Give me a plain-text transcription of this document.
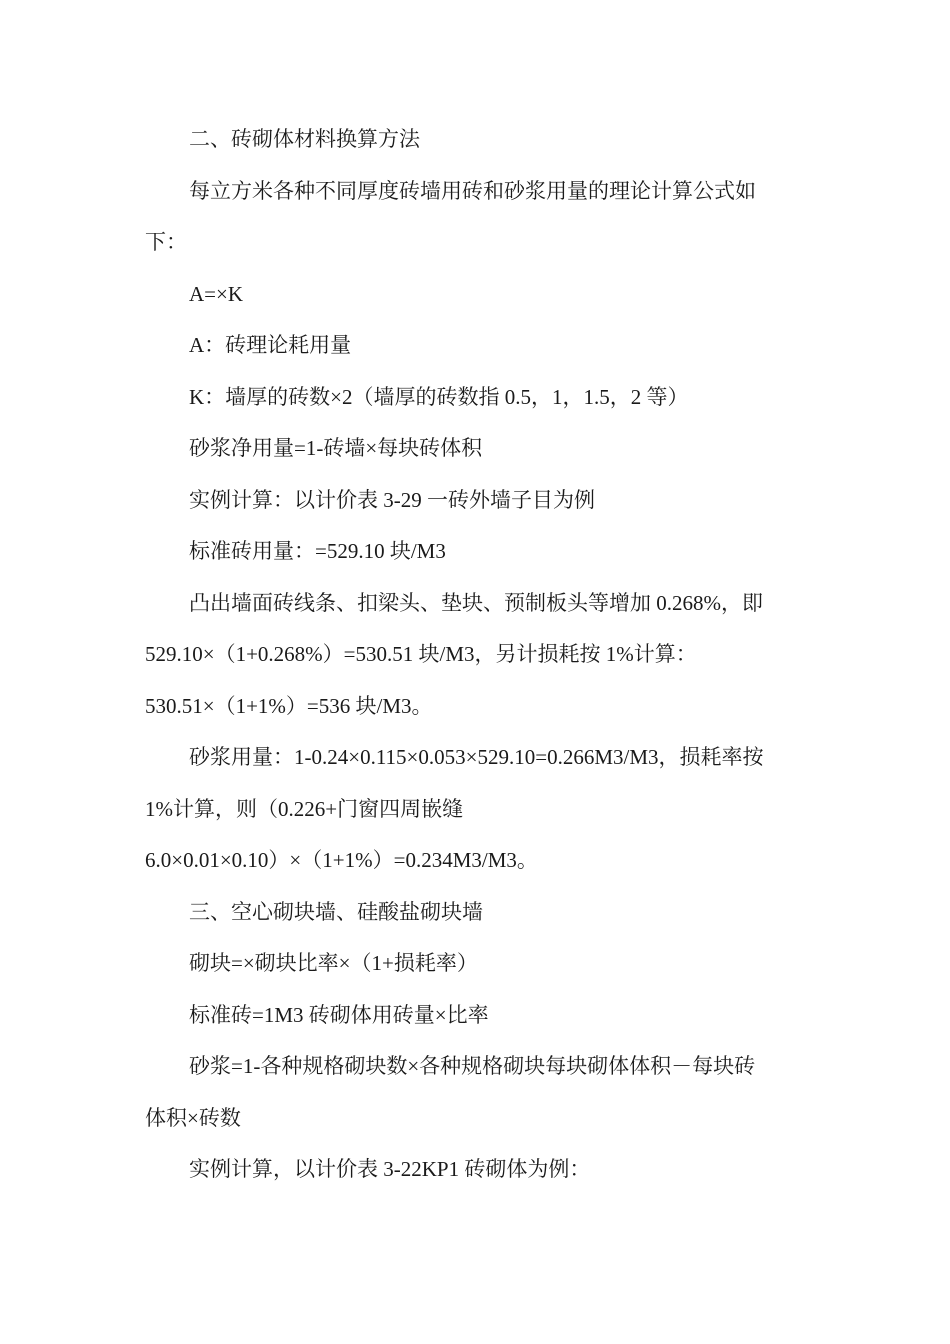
二、砖砌体材料换算方法
每立方米各种不同厚度砖墙用砖和砂浆用量的理论计算公式如
下：
A=×K
A：砖理论耗用量
K：墙厚的砖数×2（墙厚的砖数指 0.5，1，1.5，2 等）
砂浆净用量=1-砖墙×每块砖体积
实例计算：以计价表 3-29 一砖外墙子目为例
标准砖用量：=529.10 块/M3
凸出墙面砖线条、扣梁头、垫块、预制板头等增加 0.268%，即
529.10×（1+0.268%）=530.51 块/M3，另计损耗按 1%计算：
530.51×（1+1%）=536 块/M3。
砂浆用量：1-0.24×0.115×0.053×529.10=0.266M3/M3，损耗率按
1%计算，则（0.226+门窗四周嵌缝
6.0×0.01×0.10）×（1+1%）=0.234M3/M3。
三、空心砌块墙、硅酸盐砌块墙
砌块=×砌块比率×（1+损耗率）
标准砖=1M3 砖砌体用砖量×比率
砂浆=1-各种规格砌块数×各种规格砌块每块砌体体积－每块砖
体积×砖数
实例计算，以计价表 3-22KP1 砖砌体为例：
